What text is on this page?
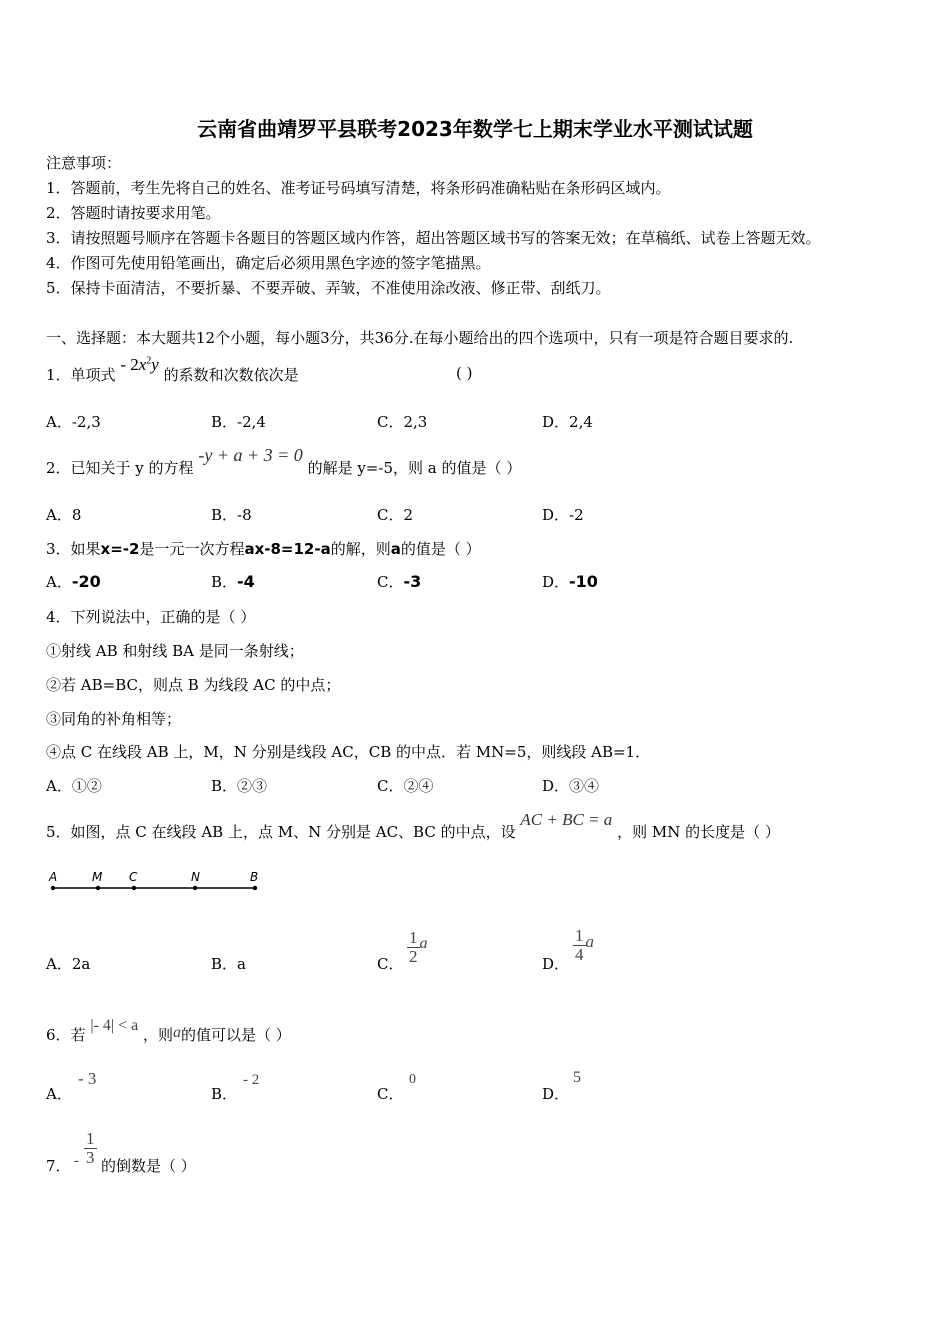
云南省曲靖罗平县联考2023年数学七上期末学业水平测试试题
注意事项：
1．答题前，考生先将自己的姓名、准考证号码填写清楚，将条形码准确粘贴在条形码区域内。
2．答题时请按要求用笔。
3．请按照题号顺序在答题卡各题目的答题区域内作答，超出答题区域书写的答案无效；在草稿纸、试卷上答题无效。
4．作图可先使用铅笔画出，确定后必须用黑色字迹的签字笔描黑。
5．保持卡面清洁，不要折暴、不要弄破、弄皱，不准使用涂改液、修正带、刮纸刀。
一、选择题：本大题共12个小题，每小题3分，共36分.在每小题给出的四个选项中，只有一项是符合题目要求的.
1．单项式 - $2x^2y$ 的系数和次数依次是	( )
A．-2,3	B．-2,4	C．2,3	D．2,4
2．已知关于 y 的方程 -y + a + 3 = 0 的解是 y=-5，则 a 的值是（ ）
A．8	B．-8	C．2	D．-2
3．如果x=-2是一元一次方程ax-8=12-a的解，则a的值是（ ）
A．-20	B．-4	C．-3	D．-10
4．下列说法中，正确的是（ ）
①射线 AB 和射线 BA 是同一条射线；
②若 AB=BC，则点 B 为线段 AC 的中点；
③同角的补角相等；
④点 C 在线段 AB 上，M，N 分别是线段 AC，CB 的中点．若 MN=5，则线段 AB=1．
A．①②	B．②③	C．②④	D．③④
5．如图，点 C 在线段 AB 上，点 M、N 分别是 AC、BC 的中点，设 AC + BC = a ，则 MN 的长度是（ ）
A	M C	N	B
A．2a	B．a	C． $\frac{1}{2}$ a
D．
$\frac{1}{4}$ a
6．若 |- 4| < a ，则a的值可以是（ ）
A．
- 3
B．
- 2
C．
0
D．
5
7． - $\frac{1}{3}$ 的倒数是（ ）
